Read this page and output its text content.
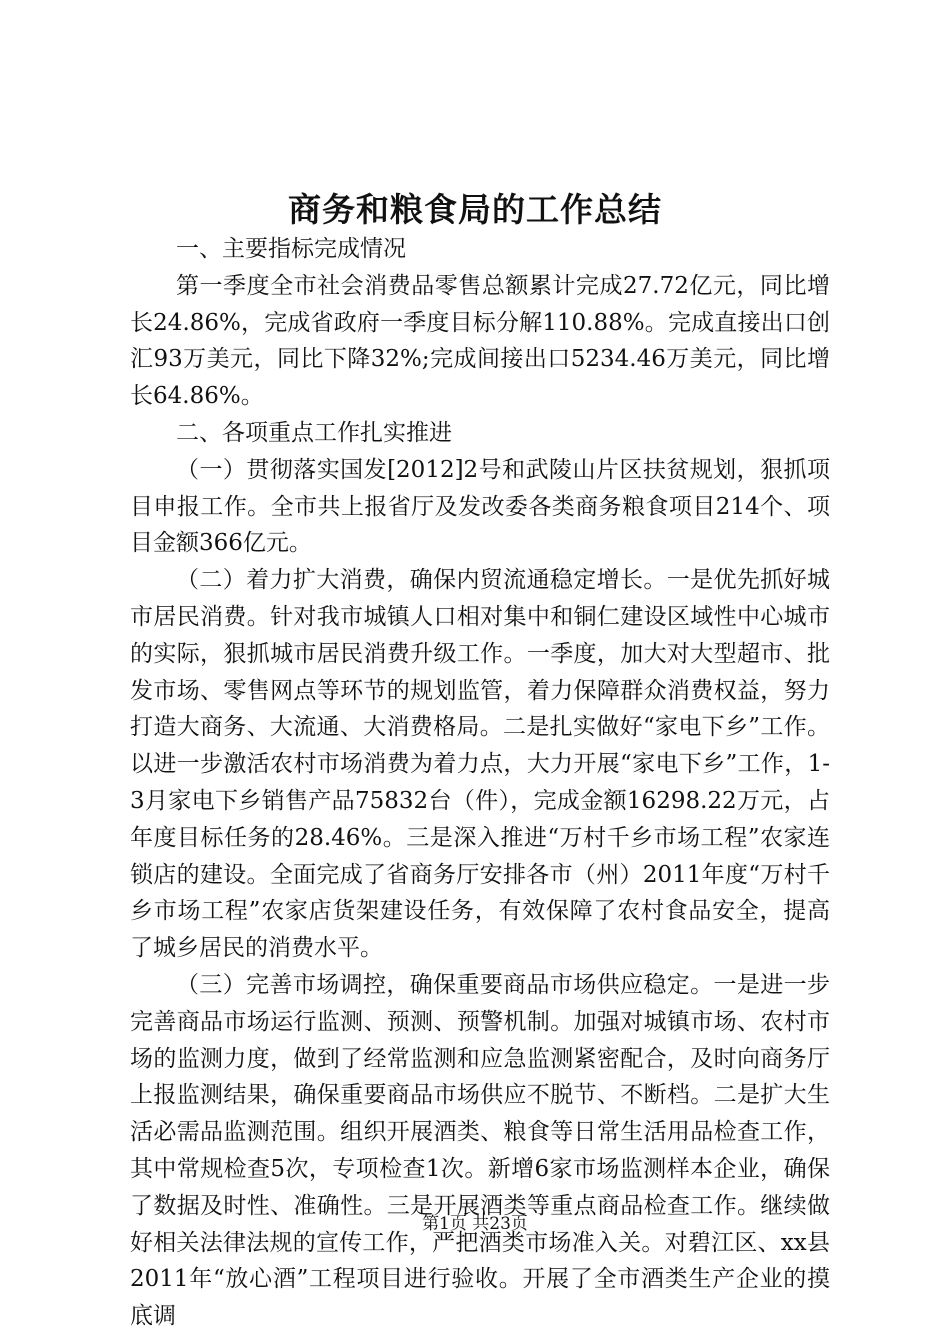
商务和粮食局的工作总结

一、主要指标完成情况

第一季度全市社会消费品零售总额累计完成27.72亿元，同比增长24.86%，完成省政府一季度目标分解110.88%。完成直接出口创汇93万美元，同比下降32%;完成间接出口5234.46万美元，同比增长64.86%。

二、各项重点工作扎实推进

（一）贯彻落实国发[2012]2号和武陵山片区扶贫规划，狠抓项目申报工作。全市共上报省厅及发改委各类商务粮食项目214个、项目金额366亿元。

（二）着力扩大消费，确保内贸流通稳定增长。一是优先抓好城市居民消费。针对我市城镇人口相对集中和铜仁建设区域性中心城市的实际，狠抓城市居民消费升级工作。一季度，加大对大型超市、批发市场、零售网点等环节的规划监管，着力保障群众消费权益，努力打造大商务、大流通、大消费格局。二是扎实做好“家电下乡”工作。以进一步激活农村市场消费为着力点，大力开展“家电下乡”工作，1-3月家电下乡销售产品75832台（件），完成金额16298.22万元，占年度目标任务的28.46%。三是深入推进“万村千乡市场工程”农家连锁店的建设。全面完成了省商务厅安排各市（州）2011年度“万村千乡市场工程”农家店货架建设任务，有效保障了农村食品安全，提高了城乡居民的消费水平。

（三）完善市场调控，确保重要商品市场供应稳定。一是进一步完善商品市场运行监测、预测、预警机制。加强对城镇市场、农村市场的监测力度，做到了经常监测和应急监测紧密配合，及时向商务厅上报监测结果，确保重要商品市场供应不脱节、不断档。二是扩大生活必需品监测范围。组织开展酒类、粮食等日常生活用品检查工作，其中常规检查5次，专项检查1次。新增6家市场监测样本企业，确保了数据及时性、准确性。三是开展酒类等重点商品检查工作。继续做好相关法律法规的宣传工作，严把酒类市场准入关。对碧江区、xx县2011年“放心酒”工程项目进行验收。开展了全市酒类生产企业的摸底调

第1页 共23页
